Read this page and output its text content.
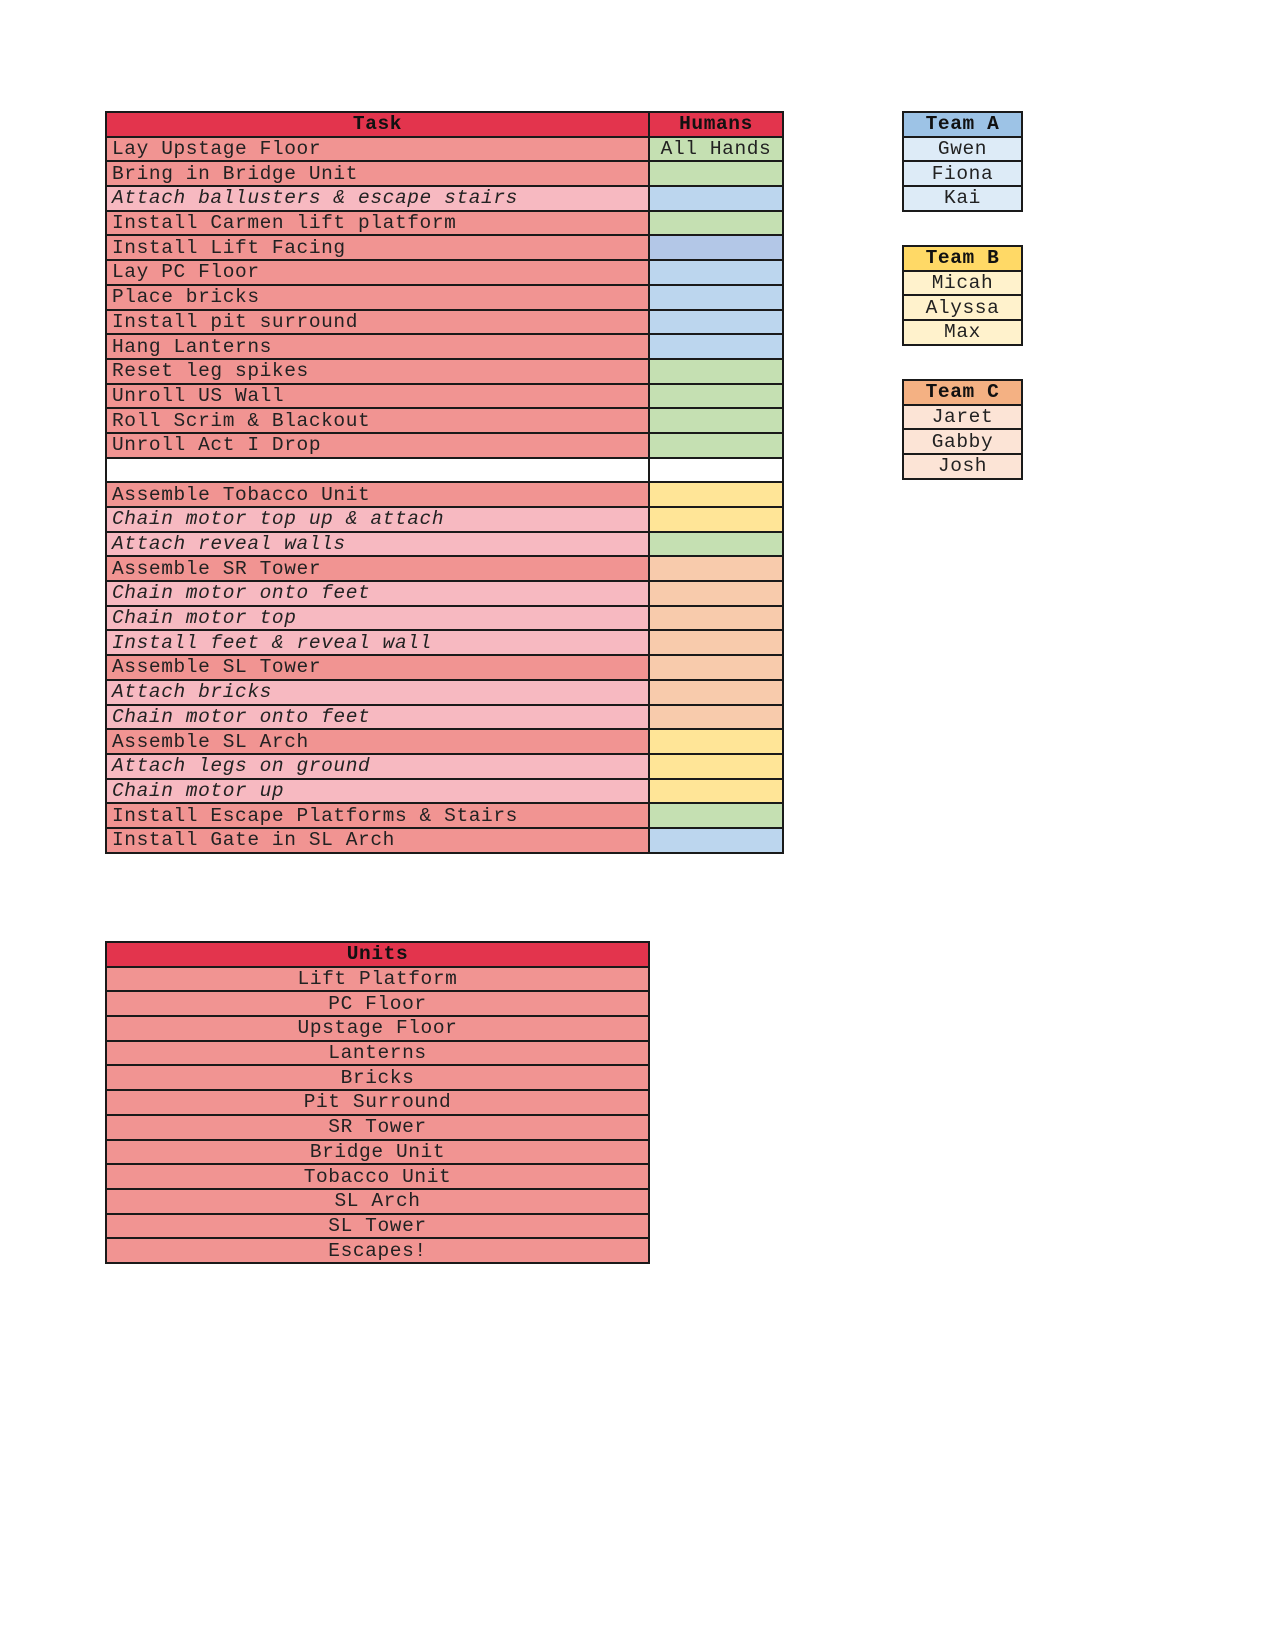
Task	Humans
Lay Upstage Floor	All Hands
Bring in Bridge Unit	
Attach ballusters & escape stairs	
Install Carmen lift platform	
Install Lift Facing	
Lay PC Floor	
Place bricks	
Install pit surround	
Hang Lanterns	
Reset leg spikes	
Unroll US Wall	
Roll Scrim & Blackout	
Unroll Act I Drop	

Assemble Tobacco Unit	
Chain motor top up & attach	
Attach reveal walls	
Assemble SR Tower	
Chain motor onto feet	
Chain motor top	
Install feet & reveal wall	
Assemble SL Tower	
Attach bricks	
Chain motor onto feet	
Assemble SL Arch	
Attach legs on ground	
Chain motor up	
Install Escape Platforms & Stairs	
Install Gate in SL Arch	
Units
Lift Platform
PC Floor
Upstage Floor
Lanterns
Bricks
Pit Surround
SR Tower
Bridge Unit
Tobacco Unit
SL Arch
SL Tower
Escapes!
Team A
Gwen
Fiona
Kai
Team B
Micah
Alyssa
Max
Team C
Jaret
Gabby
Josh
